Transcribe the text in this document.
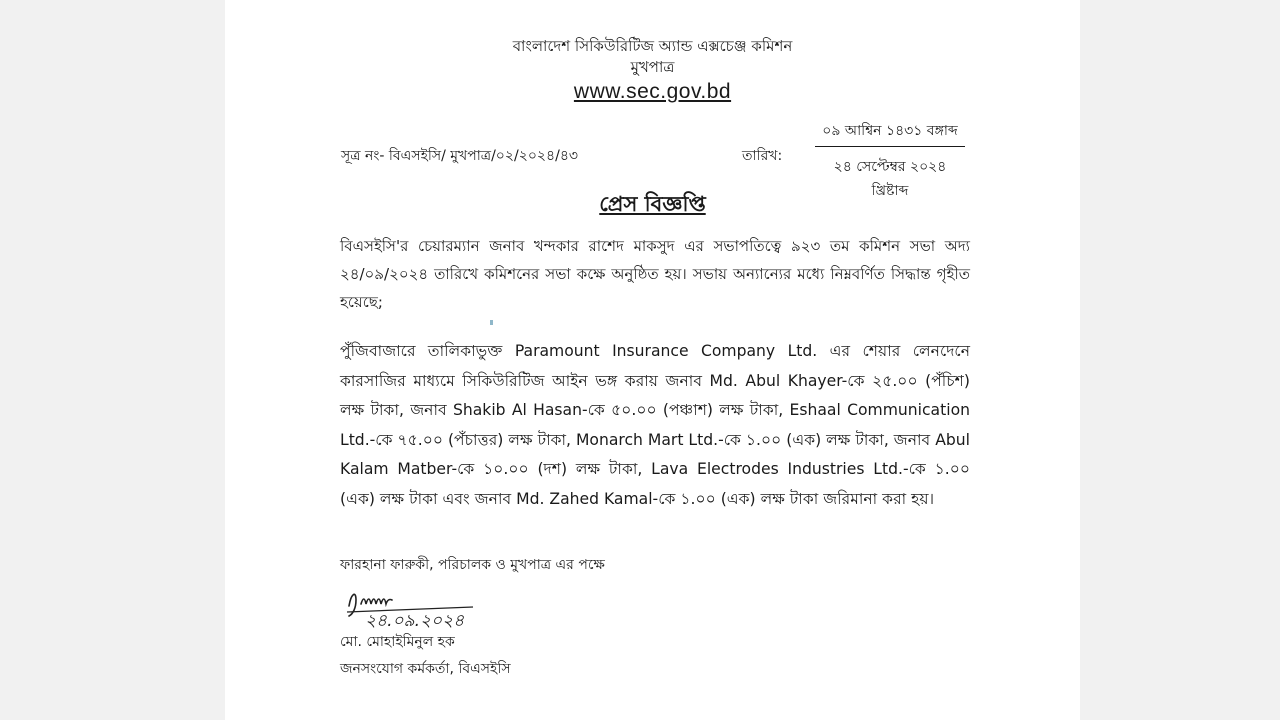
বাংলাদেশ সিকিউরিটিজ অ্যান্ড এক্সচেঞ্জ কমিশন
মুখপাত্র
www.sec.gov.bd
সূত্র নং- বিএসইসি/ মুখপাত্র/০২/২০২৪/৪৩	তারিখ:
০৯ আশ্বিন ১৪৩১ বঙ্গাব্দ
২৪ সেপ্টেম্বর ২০২৪ খ্রিষ্টাব্দ
প্রেস বিজ্ঞপ্তি
বিএসইসি'র চেয়ারম্যান জনাব খন্দকার রাশেদ মাকসুদ এর সভাপতিত্বে ৯২৩ তম কমিশন সভা অদ্য ২৪/০৯/২০২৪ তারিখে কমিশনের সভা কক্ষে অনুষ্ঠিত হয়। সভায় অন্যান্যের মধ্যে নিম্নবর্ণিত সিদ্ধান্ত গৃহীত হয়েছে;
পুঁজিবাজারে তালিকাভুক্ত Paramount Insurance Company Ltd. এর শেয়ার লেনদেনে কারসাজির মাধ্যমে সিকিউরিটিজ আইন ভঙ্গ করায় জনাব Md. Abul Khayer-কে ২৫.০০ (পঁচিশ) লক্ষ টাকা, জনাব Shakib Al Hasan-কে ৫০.০০ (পঞ্চাশ) লক্ষ টাকা, Eshaal Communication Ltd.-কে ৭৫.০০ (পঁচাত্তর) লক্ষ টাকা, Monarch Mart Ltd.-কে ১.০০ (এক) লক্ষ টাকা, জনাব Abul Kalam Matber-কে ১০.০০ (দশ) লক্ষ টাকা, Lava Electrodes Industries Ltd.-কে ১.০০ (এক) লক্ষ টাকা এবং জনাব Md. Zahed Kamal-কে ১.০০ (এক) লক্ষ টাকা জরিমানা করা হয়।
ফারহানা ফারুকী, পরিচালক ও মুখপাত্র এর পক্ষে
২৪.০৯.২০২৪
মো. মোহাইমিনুল হক
জনসংযোগ কর্মকর্তা, বিএসইসি
